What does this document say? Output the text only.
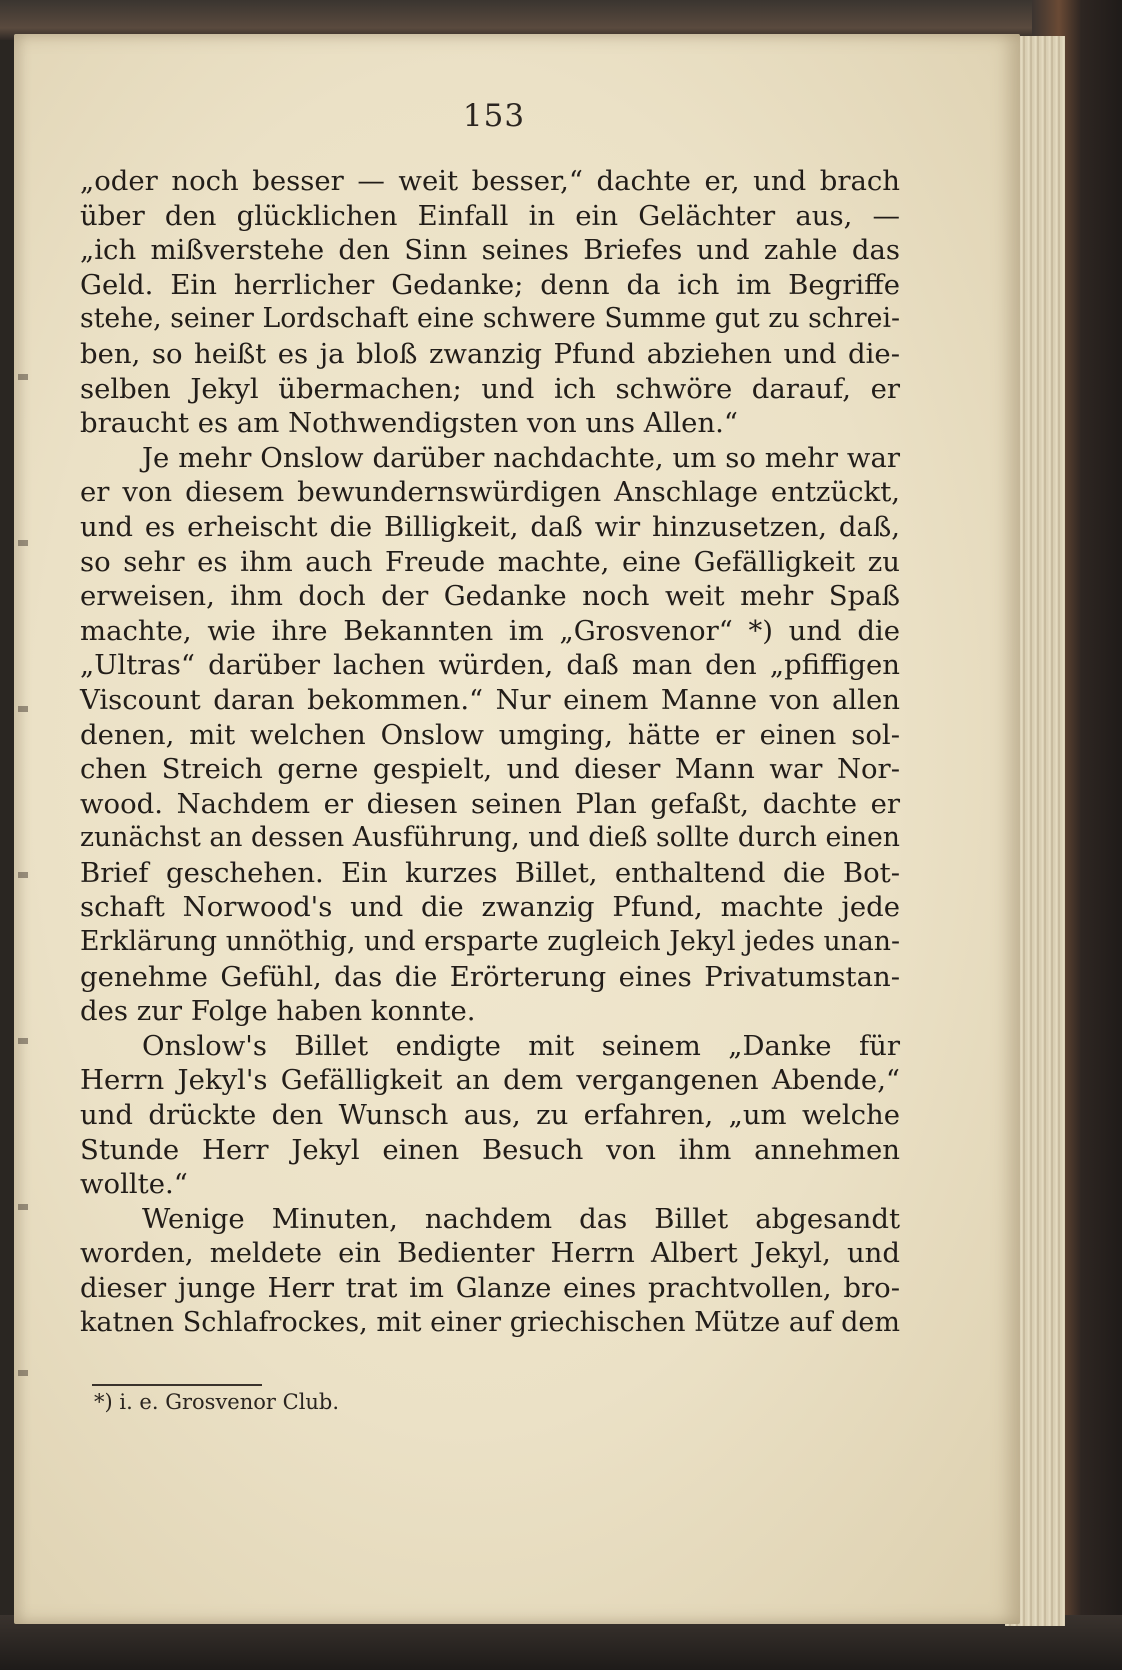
153
„oder noch besser — weit besser,“ dachte er, und brach
über den glücklichen Einfall in ein Gelächter aus, —
„ich mißverstehe den Sinn seines Briefes und zahle das
Geld. Ein herrlicher Gedanke; denn da ich im Begriffe
stehe, seiner Lordschaft eine schwere Summe gut zu schrei-
ben, so heißt es ja bloß zwanzig Pfund abziehen und die-
selben Jekyl übermachen; und ich schwöre darauf, er
braucht es am Nothwendigsten von uns Allen.“
Je mehr Onslow darüber nachdachte, um so mehr war
er von diesem bewundernswürdigen Anschlage entzückt,
und es erheischt die Billigkeit, daß wir hinzusetzen, daß,
so sehr es ihm auch Freude machte, eine Gefälligkeit zu
erweisen, ihm doch der Gedanke noch weit mehr Spaß
machte, wie ihre Bekannten im „Grosvenor“ *) und die
„Ultras“ darüber lachen würden, daß man den „pfiffigen
Viscount daran bekommen.“ Nur einem Manne von allen
denen, mit welchen Onslow umging, hätte er einen sol-
chen Streich gerne gespielt, und dieser Mann war Nor-
wood. Nachdem er diesen seinen Plan gefaßt, dachte er
zunächst an dessen Ausführung, und dieß sollte durch einen
Brief geschehen. Ein kurzes Billet, enthaltend die Bot-
schaft Norwood's und die zwanzig Pfund, machte jede
Erklärung unnöthig, und ersparte zugleich Jekyl jedes unan-
genehme Gefühl, das die Erörterung eines Privatumstan-
des zur Folge haben konnte.
Onslow's Billet endigte mit seinem „Danke für
Herrn Jekyl's Gefälligkeit an dem vergangenen Abende,“
und drückte den Wunsch aus, zu erfahren, „um welche
Stunde Herr Jekyl einen Besuch von ihm annehmen
wollte.“
Wenige Minuten, nachdem das Billet abgesandt
worden, meldete ein Bedienter Herrn Albert Jekyl, und
dieser junge Herr trat im Glanze eines prachtvollen, bro-
katnen Schlafrockes, mit einer griechischen Mütze auf dem
*) i. e. Grosvenor Club.
